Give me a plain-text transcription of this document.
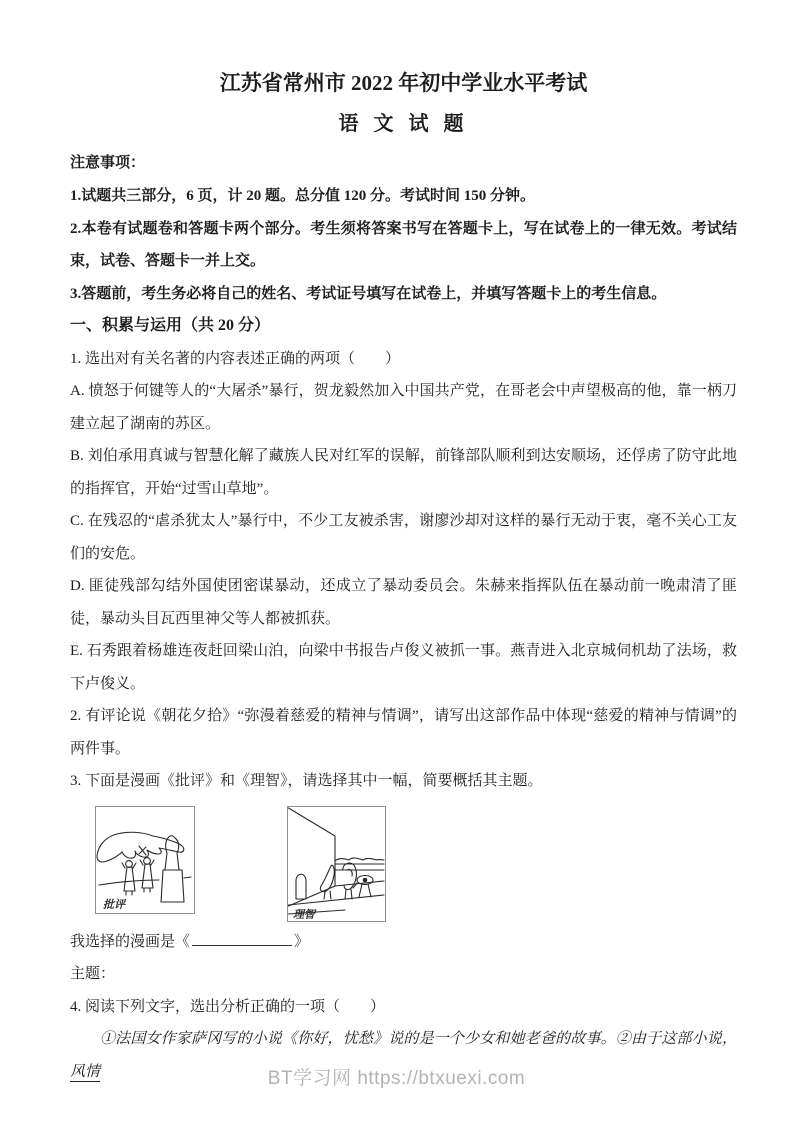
江苏省常州市 2022 年初中学业水平考试
语 文 试 题

注意事项：

1.试题共三部分，6 页，计 20 题。总分值 120 分。考试时间 150 分钟。

2.本卷有试题卷和答题卡两个部分。考生须将答案书写在答题卡上，写在试卷上的一律无效。考试结束，试卷、答题卡一并上交。

3.答题前，考生务必将自己的姓名、考试证号填写在试卷上，并填写答题卡上的考生信息。

一、积累与运用（共 20 分）

1. 选出对有关名著的内容表述正确的两项（　　）

A. 愤怒于何键等人的“大屠杀”暴行，贺龙毅然加入中国共产党，在哥老会中声望极高的他，靠一柄刀建立起了湖南的苏区。

B. 刘伯承用真诚与智慧化解了藏族人民对红军的误解，前锋部队顺利到达安顺场，还俘虏了防守此地的指挥官，开始“过雪山草地”。

C. 在残忍的“虐杀犹太人”暴行中，不少工友被杀害，谢廖沙却对这样的暴行无动于衷，毫不关心工友们的安危。

D. 匪徒残部勾结外国使团密谋暴动，还成立了暴动委员会。朱赫来指挥队伍在暴动前一晚肃清了匪徒，暴动头目瓦西里神父等人都被抓获。

E. 石秀跟着杨雄连夜赶回梁山泊，向梁中书报告卢俊义被抓一事。燕青进入北京城伺机劫了法场，救下卢俊义。

2. 有评论说《朝花夕拾》“弥漫着慈爱的精神与情调”，请写出这部作品中体现“慈爱的精神与情调”的两件事。

3. 下面是漫画《批评》和《理智》，请选择其中一幅，简要概括其主题。

批评
理智

我选择的漫画是《	》

主题：

4. 阅读下列文字，选出分析正确的一项（　　）

①法国女作家萨冈写的小说《你好，忧愁》说的是一个少女和她老爸的故事。②由于这部小说，风情	BT学习网 https://btxuexi.com
